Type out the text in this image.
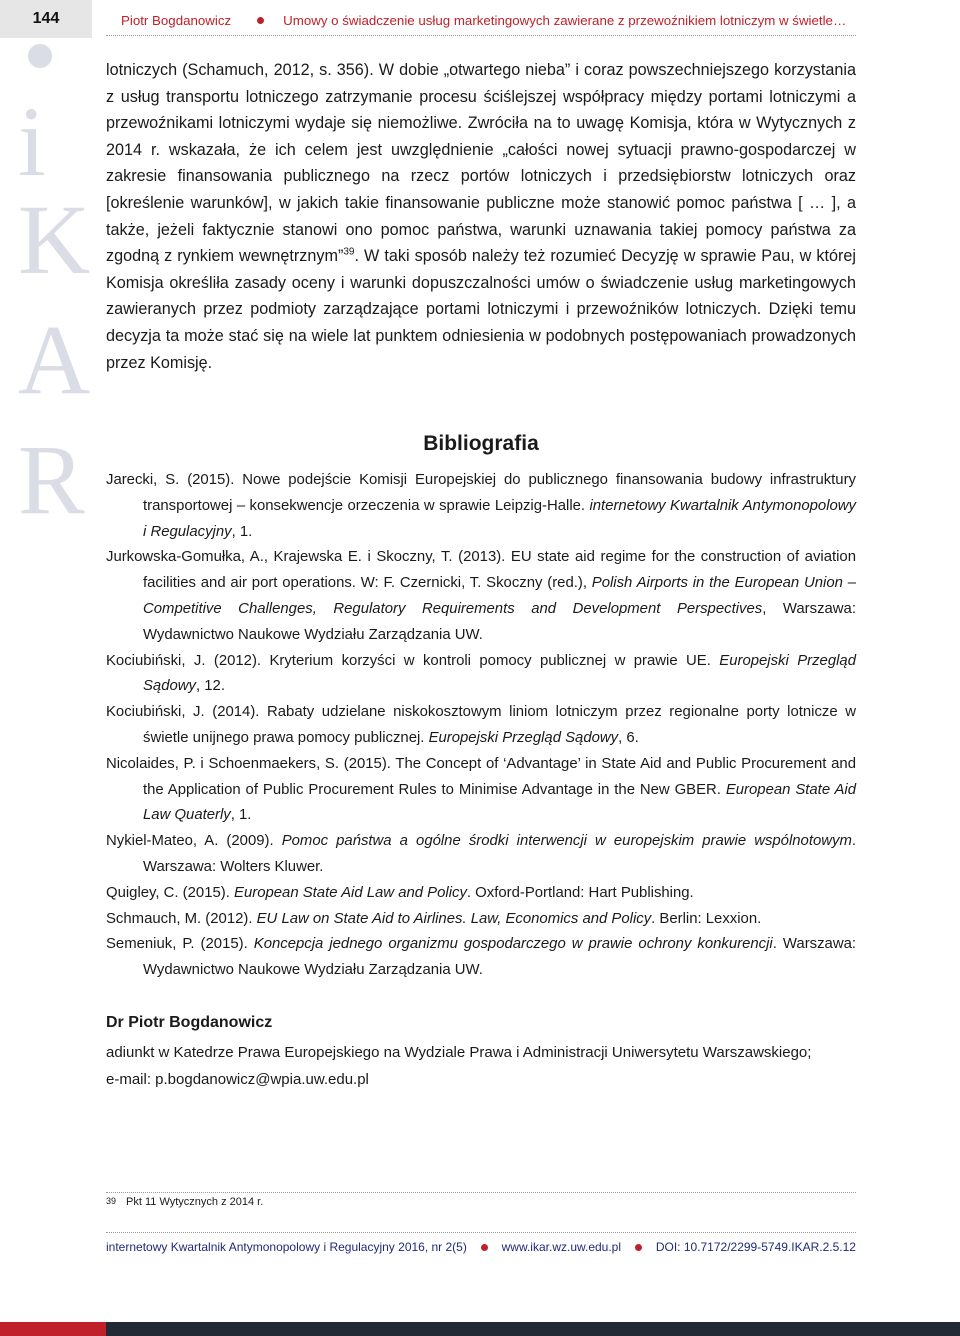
144	Piotr Bogdanowicz	Umowy o świadczenie usług marketingowych zawierane z przewoźnikiem lotniczym w świetle…
i
K
A
R

lotniczych (Schamuch, 2012, s. 356). W dobie „otwartego nieba” i coraz powszechniejszego korzystania z usług transportu lotniczego zatrzymanie procesu ściślejszej współpracy między portami lotniczymi a przewoźnikami lotniczymi wydaje się niemożliwe. Zwróciła na to uwagę Komisja, która w Wytycznych z 2014 r. wskazała, że ich celem jest uwzględnienie „całości nowej sytuacji prawno-gospodarczej w zakresie finansowania publicznego na rzecz portów lotniczych i przedsiębiorstw lotniczych oraz [określenie warunków], w jakich takie finansowanie publiczne może stanowić pomoc państwa [ … ], a także, jeżeli faktycznie stanowi ono pomoc państwa, warunki uznawania takiej pomocy państwa za zgodną z rynkiem wewnętrznym”$^{39}$. W taki sposób należy też rozumieć Decyzję w sprawie Pau, w której Komisja określiła zasady oceny i warunki dopuszczalności umów o świadczenie usług marketingowych zawieranych przez podmioty zarządzające portami lotniczymi i przewoźników lotniczych. Dzięki temu decyzja ta może stać się na wiele lat punktem odniesienia w podobnych postępowaniach prowadzonych przez Komisję.

Bibliografia
Jarecki, S. (2015). Nowe podejście Komisji Europejskiej do publicznego finansowania budowy infrastruktury transportowej – konsekwencje orzeczenia w sprawie Leipzig-Halle. internetowy Kwartalnik Antymonopolowy i Regulacyjny, 1.
Jurkowska-Gomułka, A., Krajewska E. i Skoczny, T. (2013). EU state aid regime for the construction of aviation facilities and air port operations. W: F. Czernicki, T. Skoczny (red.), Polish Airports in the European Union – Competitive Challenges, Regulatory Requirements and Development Perspectives, Warszawa: Wydawnictwo Naukowe Wydziału Zarządzania UW.
Kociubiński, J. (2012). Kryterium korzyści w kontroli pomocy publicznej w prawie UE. Europejski Przegląd Sądowy, 12.
Kociubiński, J. (2014). Rabaty udzielane niskokosztowym liniom lotniczym przez regionalne porty lotnicze w świetle unijnego prawa pomocy publicznej. Europejski Przegląd Sądowy, 6.
Nicolaides, P. i Schoenmaekers, S. (2015). The Concept of ‘Advantage’ in State Aid and Public Procurement and the Application of Public Procurement Rules to Minimise Advantage in the New GBER. European State Aid Law Quaterly, 1.
Nykiel-Mateo, A. (2009). Pomoc państwa a ogólne środki interwencji w europejskim prawie wspólnotowym. Warszawa: Wolters Kluwer.
Quigley, C. (2015). European State Aid Law and Policy. Oxford-Portland: Hart Publishing.
Schmauch, M. (2012). EU Law on State Aid to Airlines. Law, Economics and Policy. Berlin: Lexxion.
Semeniuk, P. (2015). Koncepcja jednego organizmu gospodarczego w prawie ochrony konkurencji. Warszawa: Wydawnictwo Naukowe Wydziału Zarządzania UW.

Dr Piotr Bogdanowicz

adiunkt w Katedrze Prawa Europejskiego na Wydziale Prawa i Administracji Uniwersytetu Warszawskiego;
e-mail: p.bogdanowicz@wpia.uw.edu.pl

39 Pkt 11 Wytycznych z 2014 r.
internetowy Kwartalnik Antymonopolowy i Regulacyjny 2016, nr 2(5)	www.ikar.wz.uw.edu.pl	DOI: 10.7172/2299-5749.IKAR.2.5.12
